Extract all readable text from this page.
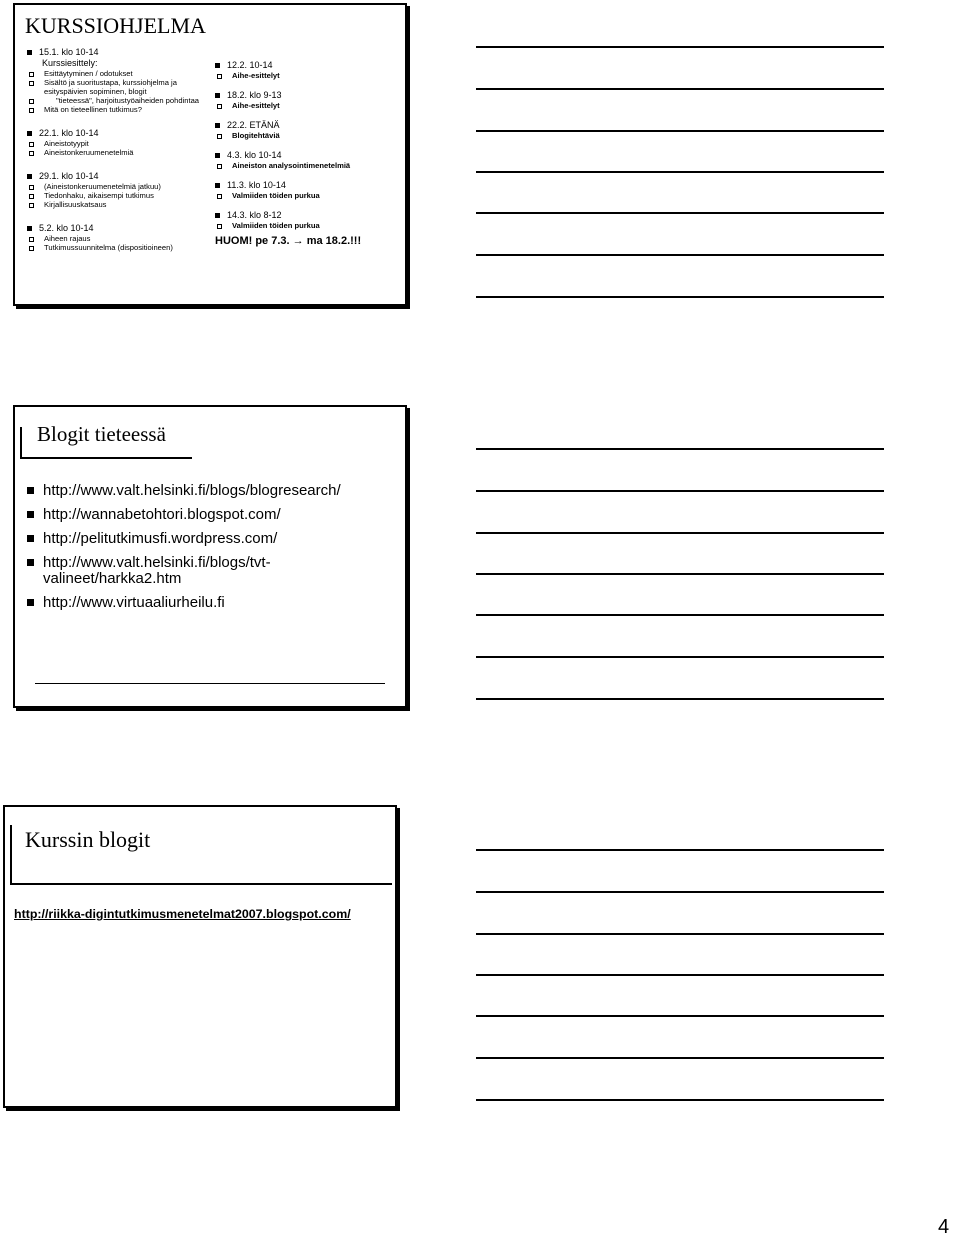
KURSSIOHJELMA
15.1. klo 10-14
Kurssiesittely:
Esittäytyminen / odotukset
Sisältö ja suoritustapa, kurssiohjelma ja esityspäivien sopiminen, blogit
"tieteessä", harjoitustyöaiheiden pohdintaa
Mitä on tieteellinen tutkimus?
22.1. klo 10-14
Aineistotyypit
Aineistonkeruumenetelmiä
29.1. klo 10-14
(Aineistonkeruumenetelmiä jatkuu)
Tiedonhaku, aikaisempi tutkimus
Kirjallisuuskatsaus
5.2. klo 10-14
Aiheen rajaus
Tutkimussuunnitelma (dispositioineen)
12.2. 10-14
Aihe-esittelyt
18.2. klo 9-13
Aihe-esittelyt
22.2. ETÄNÄ
Blogitehtäviä
4.3. klo 10-14
Aineiston analysointimenetelmiä
11.3. klo 10-14
Valmiiden töiden purkua
14.3. klo 8-12
Valmiiden töiden purkua
HUOM! pe 7.3. → ma 18.2.!!!
Blogit tieteessä
http://www.valt.helsinki.fi/blogs/blogresearch/
http://wannabetohtori.blogspot.com/
http://pelitutkimusfi.wordpress.com/
http://www.valt.helsinki.fi/blogs/tvt-valineet/harkka2.htm
http://www.virtuaaliurheilu.fi
Kurssin blogit
http://riikka-digintutkimusmenetelmat2007.blogspot.com/
4
